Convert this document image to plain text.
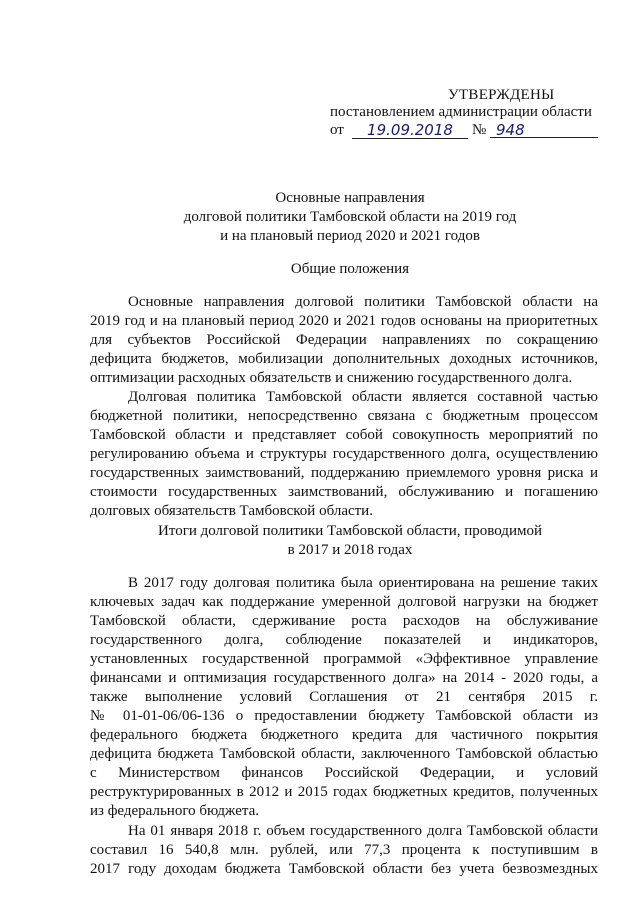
УТВЕРЖДЕНЫ
постановлением администрации области
от	19.09.2018	№ 948
Основные направления
долговой политики Тамбовской области на 2019 год
и на плановый период 2020 и 2021 годов
Общие положения
Основные направления долговой политики Тамбовской области на
2019 год и на плановый период 2020 и 2021 годов основаны на приоритетных
для субъектов Российской Федерации направлениях по сокращению
дефицита бюджетов, мобилизации дополнительных доходных источников,
оптимизации расходных обязательств и снижению государственного долга.
Долговая политика Тамбовской области является составной частью
бюджетной политики, непосредственно связана с бюджетным процессом
Тамбовской области и представляет собой совокупность мероприятий по
регулированию объема и структуры государственного долга, осуществлению
государственных заимствований, поддержанию приемлемого уровня риска и
стоимости государственных заимствований, обслуживанию и погашению
долговых обязательств Тамбовской области.
Итоги долговой политики Тамбовской области, проводимой
в 2017 и 2018 годах
В 2017 году долговая политика была ориентирована на решение таких
ключевых задач как поддержание умеренной долговой нагрузки на бюджет
Тамбовской области, сдерживание роста расходов на обслуживание
государственного долга, соблюдение показателей и индикаторов,
установленных государственной программой «Эффективное управление
финансами и оптимизация государственного долга» на 2014 - 2020 годы, а
также выполнение условий Соглашения от 21 сентября 2015 г.
№ 01-01-06/06-136 о предоставлении бюджету Тамбовской области из
федерального бюджета бюджетного кредита для частичного покрытия
дефицита бюджета Тамбовской области, заключенного Тамбовской областью
с Министерством финансов Российской Федерации, и условий
реструктурированных в 2012 и 2015 годах бюджетных кредитов, полученных
из федерального бюджета.
На 01 января 2018 г. объем государственного долга Тамбовской области
составил 16 540,8 млн. рублей, или 77,3 процента к поступившим в
2017 году доходам бюджета Тамбовской области без учета безвозмездных
